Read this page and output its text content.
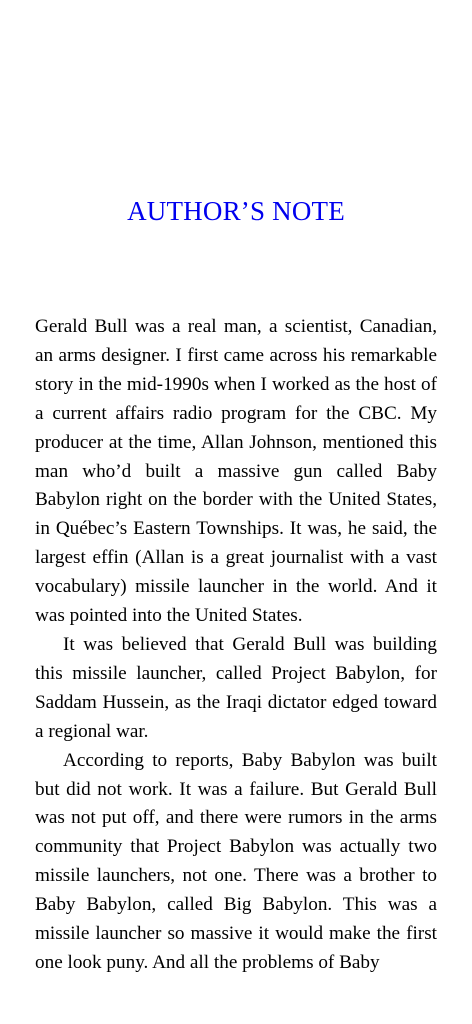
AUTHOR’S NOTE

Gerald Bull was a real man, a scientist, Canadian, an arms designer. I first came across his remarkable story in the mid-1990s when I worked as the host of a current affairs radio program for the CBC. My producer at the time, Allan Johnson, mentioned this man who’d built a massive gun called Baby Babylon right on the border with the United States, in Québec’s Eastern Townships. It was, he said, the largest effin (Allan is a great journalist with a vast vocabulary) missile launcher in the world. And it was pointed into the United States.

It was believed that Gerald Bull was building this missile launcher, called Project Babylon, for Saddam Hussein, as the Iraqi dictator edged toward a regional war.

According to reports, Baby Babylon was built but did not work. It was a failure. But Gerald Bull was not put off, and there were rumors in the arms community that Project Babylon was actually two missile launchers, not one. There was a brother to Baby Babylon, called Big Babylon. This was a missile launcher so massive it would make the first one look puny. And all the problems of Baby
